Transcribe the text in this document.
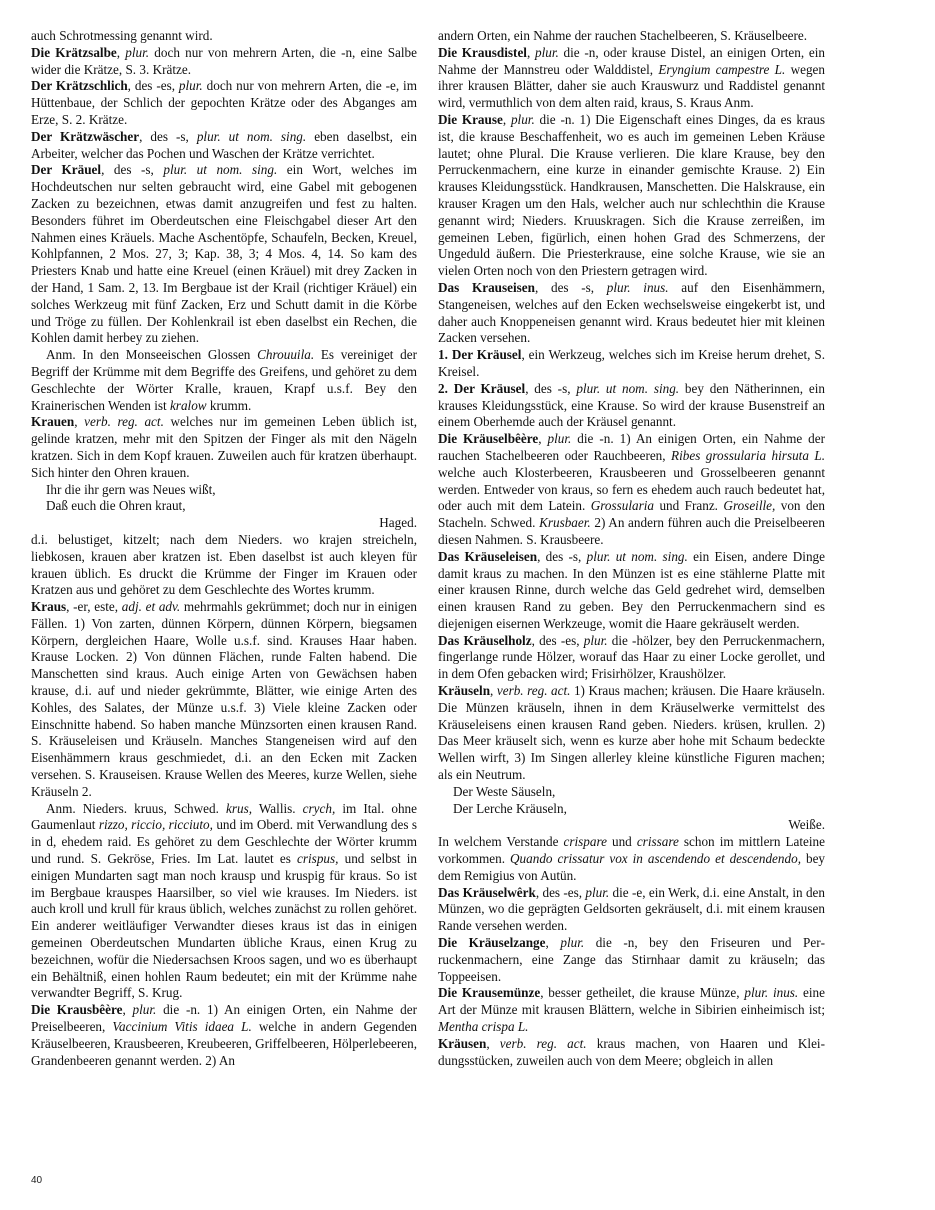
auch Schrotmessing genannt wird.

Die Krätzsalbe, plur. doch nur von mehrern Arten, die -n, eine Salbe wider die Krätze, S. 3. Krätze.

Der Krätzschlich, des -es, plur. doch nur von mehrern Arten, die -e, im Hüttenbaue, der Schlich der gepochten Krätze oder des Abganges am Erze, S. 2. Krätze.

Der Krätzwäscher, des -s, plur. ut nom. sing. eben daselbst, ein Arbeiter, welcher das Pochen und Waschen der Krätze verrichtet.

Der Kräuel, des -s, plur. ut nom. sing. ein Wort, welches im Hochdeutschen nur selten gebraucht wird, eine Gabel mit gebogenen Zacken zu bezeichnen, etwas damit anzugreifen und fest zu halten. Besonders führet im Oberdeutschen eine Fleischgabel dieser Art den Nahmen eines Kräuels. Mache Aschentöpfe, Schaufeln, Becken, Kreuel, Kohlpfannen, 2 Mos. 27, 3; Kap. 38, 3; 4 Mos. 4, 14. So kam des Priesters Knab und hatte eine Kreuel (einen Kräuel) mit drey Zacken in der Hand, 1 Sam. 2, 13. Im Bergbaue ist der Krail (richtiger Kräuel) ein solches Werkzeug mit fünf Zacken, Erz und Schutt damit in die Körbe und Tröge zu füllen. Der Kohlenkrail ist eben daselbst ein Rechen, die Kohlen damit herbey zu ziehen.

Anm. In den Monseeischen Glossen Chrouuila. Es vereiniget der Begriff der Krümme mit dem Begriffe des Greifens, und gehöret zu dem Geschlechte der Wörter Kralle, krauen, Krapf u.s.f. Bey den Krainerischen Wenden ist kralow krumm.

Krauen, verb. reg. act. welches nur im gemeinen Leben üblich ist, gelinde kratzen, mehr mit den Spitzen der Finger als mit den Nägeln kratzen. Sich in dem Kopf krauen. Zuweilen auch für kratzen überhaupt. Sich hinter den Ohren krauen.

Ihr die ihr gern was Neues wißt,

Daß euch die Ohren kraut,

Haged.

d.i. belustiget, kitzelt; nach dem Nieders. wo krajen streicheln, liebkosen, krauen aber kratzen ist. Eben daselbst ist auch kleyen für krauen üblich. Es druckt die Krümme der Finger im Krauen oder Kratzen aus und gehöret zu dem Geschlechte des Wortes krumm.

Kraus, -er, este, adj. et adv. mehrmahls gekrümmet; doch nur in einigen Fällen. 1) Von zarten, dünnen Körpern, dünnen Körpern, biegsamen Körpern, dergleichen Haare, Wolle u.s.f. sind. Krauses Haar haben. Krause Locken. 2) Von dünnen Flächen, runde Falten habend. Die Manschetten sind kraus. Auch einige Arten von Gewächsen haben krause, d.i. auf und nieder gekrümmte, Blätter, wie einige Arten des Kohles, des Salates, der Münze u.s.f. 3) Viele kleine Zacken oder Einschnitte habend. So haben manche Münzsorten einen krausen Rand. S. Kräuseleisen und Kräuseln. Manches Stangeneisen wird auf den Eisenhämmern kraus geschmiedet, d.i. an den Ecken mit Zacken versehen. S. Krauseisen. Krause Wellen des Meeres, kurze Wellen, siehe Kräuseln 2.

Anm. Nieders. kruus, Schwed. krus, Wallis. crych, im Ital. ohne Gaumenlaut rizzo, riccio, ricciuto, und im Oberd. mit Verwandlung des s in d, ehedem raid. Es gehöret zu dem Geschlechte der Wörter krumm und rund. S. Gekröse, Fries. Im Lat. lautet es crispus, und selbst in einigen Mundarten sagt man noch krausp und kruspig für kraus. So ist im Bergbaue krauspes Haarsilber, so viel wie krauses. Im Nieders. ist auch kroll und krull für kraus üblich, welches zunächst zu rollen gehöret. Ein anderer weitläufiger Verwandter dieses kraus ist das in einigen gemeinen Oberdeutschen Mundarten übliche Kraus, einen Krug zu bezeichnen, wofür die Niedersachsen Kroos sagen, und wo es überhaupt ein Behältniß, einen hohlen Raum bedeutet; ein mit der Krümme nahe verwandter Begriff, S. Krug.

Die Krausbêère, plur. die -n. 1) An einigen Orten, ein Nahme der Preiselbeeren, Vaccinium Vitis idaea L. welche in andern Gegenden Kräuselbeeren, Krausbeeren, Kreubeeren, Griffelbeeren, Hölperlebeeren, Grandenbeeren genannt werden. 2) An

andern Orten, ein Nahme der rauchen Stachelbeeren, S. Kräuselbeere.

Die Krausdistel, plur. die -n, oder krause Distel, an einigen Orten, ein Nahme der Mannstreu oder Walddistel, Eryngium campestre L. wegen ihrer krausen Blätter, daher sie auch Krauswurz und Raddistel genannt wird, vermuthlich von dem alten raid, kraus, S. Kraus Anm.

Die Krause, plur. die -n. 1) Die Eigenschaft eines Dinges, da es kraus ist, die krause Beschaffenheit, wo es auch im gemeinen Leben Kräuse lautet; ohne Plural. Die Krause verlieren. Die klare Krause, bey den Perruckenmachern, eine kurze in einander gemischte Krause. 2) Ein krauses Kleidungsstück. Handkrausen, Manschetten. Die Halskrause, ein krauser Kragen um den Hals, welcher auch nur schlechthin die Krause genannt wird; Nieders. Kruuskragen. Sich die Krause zerreißen, im gemeinen Leben, figürlich, einen hohen Grad des Schmerzens, der Ungeduld äußern. Die Priesterkrause, eine solche Krause, wie sie an vielen Orten noch von den Priestern getragen wird.

Das Krauseisen, des -s, plur. inus. auf den Eisenhämmern, Stangeneisen, welches auf den Ecken wechselsweise eingekerbt ist, und daher auch Knoppeneisen genannt wird. Kraus bedeutet hier mit kleinen Zacken versehen.

1. Der Kräusel, ein Werkzeug, welches sich im Kreise herum drehet, S. Kreisel.

2. Der Kräusel, des -s, plur. ut nom. sing. bey den Nätherinnen, ein krauses Kleidungsstück, eine Krause. So wird der krause Busenstreif an einem Oberhemde auch der Kräusel genannt.

Die Kräuselbêère, plur. die -n. 1) An einigen Orten, ein Nahme der rauchen Stachelbeeren oder Rauchbeeren, Ribes grossularia hirsuta L. welche auch Klosterbeeren, Krausbeeren und Grosselbeeren genannt werden. Entweder von kraus, so fern es ehedem auch rauch bedeutet hat, oder auch mit dem Latein. Grossularia und Franz. Groseille, von den Stacheln. Schwed. Krusbaer. 2) An andern führen auch die Preiselbeeren diesen Nahmen. S. Krausbeere.

Das Kräuseleisen, des -s, plur. ut nom. sing. ein Eisen, andere Dinge damit kraus zu machen. In den Münzen ist es eine stählerne Platte mit einer krausen Rinne, durch welche das Geld gedrehet wird, demselben einen krausen Rand zu geben. Bey den Perruckenmachern sind es diejenigen eisernen Werkzeuge, womit die Haare gekräuselt werden.

Das Kräuselholz, des -es, plur. die -hölzer, bey den Perruckenmachern, fingerlange runde Hölzer, worauf das Haar zu einer Locke gerollet, und in dem Ofen gebacken wird; Frisirhölzer, Kraushölzer.

Kräuseln, verb. reg. act. 1) Kraus machen; kräusen. Die Haare kräuseln. Die Münzen kräuseln, ihnen in dem Kräuselwerke vermittelst des Kräuseleisens einen krausen Rand geben. Nieders. krüsen, krullen. 2) Das Meer kräuselt sich, wenn es kurze aber hohe mit Schaum bedeckte Wellen wirft, 3) Im Singen allerley kleine künstliche Figuren machen; als ein Neutrum.

Der Weste Säuseln,

Der Lerche Kräuseln,

Weiße.

In welchem Verstande crispare und crissare schon im mittlern Lateine vorkommen. Quando crissatur vox in ascendendo et descendendo, bey dem Remigius von Autün.

Das Kräuselwêrk, des -es, plur. die -e, ein Werk, d.i. eine Anstalt, in den Münzen, wo die geprägten Geldsorten gekräuselt, d.i. mit einem krausen Rande versehen werden.

Die Kräuselzange, plur. die -n, bey den Friseuren und Perruckenmachern, eine Zange das Stirnhaar damit zu kräuseln; das Toppeeisen.

Die Krausemünze, besser getheilet, die krause Münze, plur. inus. eine Art der Münze mit krausen Blättern, welche in Sibirien einheimisch ist; Mentha crispa L.

Kräusen, verb. reg. act. kraus machen, von Haaren und Kleidungsstücken, zuweilen auch von dem Meere; obgleich in allen

40
